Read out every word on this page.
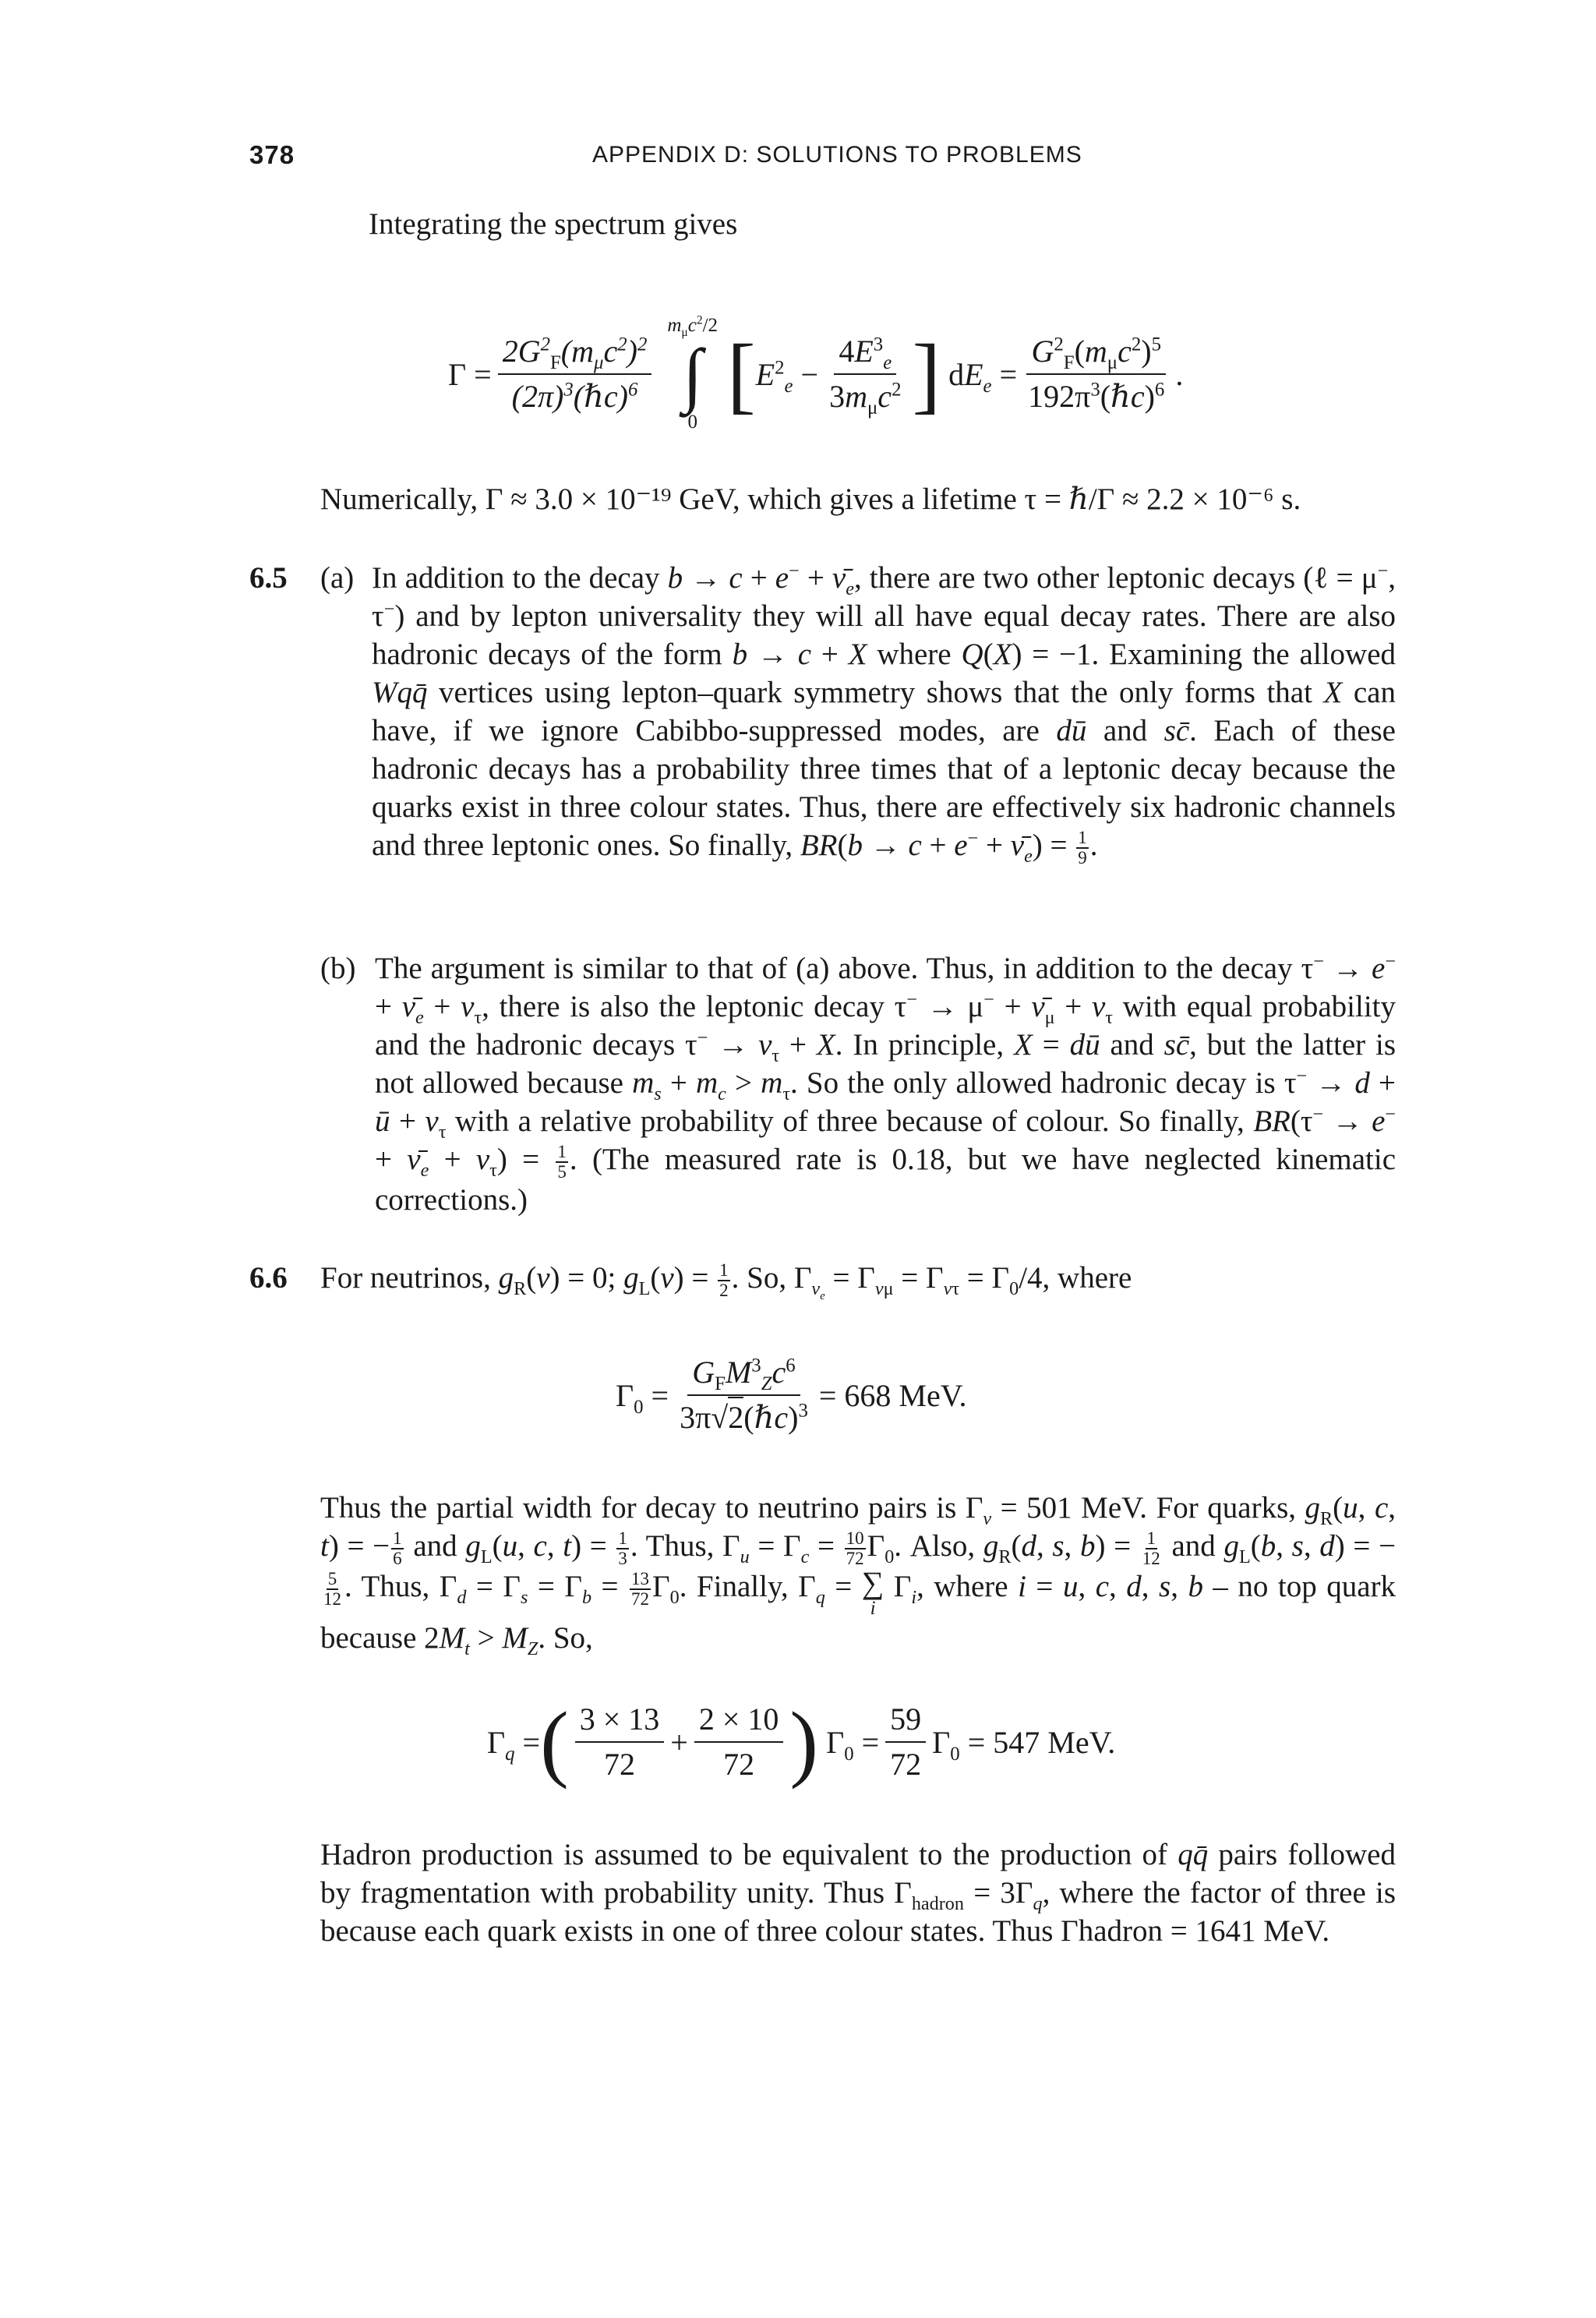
378	APPENDIX D: SOLUTIONS TO PROBLEMS
Integrating the spectrum gives
$\Gamma = \frac{2G^2_F(m_\mu c^2)^2}{(2\pi)^3(\hbar c)^6}$
$m_\mu c^2/2$
∫
0
[ $E^2_e - \frac{4E^3_e}{3m_\mu c^2}$ ] $dE_e = \frac{G^2_F(m_\mu c^2)^5}{192\pi^3(\hbar c)^6}$ .
Numerically, Γ ≈ 3.0 × 10⁻¹⁹ GeV, which gives a lifetime τ = ℏ/Γ ≈ 2.2 × 10⁻⁶ s.
6.5 (a) In addition to the decay $b \to c + e^- + \nū_e$, there are two other leptonic decays (ℓ = μ−, τ−) and by lepton universality they will all have equal decay rates. There are also hadronic decays of the form b → c + X where Q(X) = −1. Examining the allowed Wqq̄ vertices using lepton–quark symmetry shows that the only forms that X can have, if we ignore Cabibbo-suppressed modes, are dū and sc̄. Each of these hadronic decays has a probability three times that of a leptonic decay because the quarks exist in three colour states. Thus, there are effectively six hadronic channels and three leptonic ones. So finally, $BR(b \to c + e^- + \nū_e) = \frac{1}{9}$ .
(b) The argument is similar to that of (a) above. Thus, in addition to the decay $\tau^- \to e^- + \nū_e + \nu_\tau$, there is also the leptonic decay $\tau^- \to \mu^- + \nū_\mu + \nu_\tau$ with equal probability and the hadronic decays $\tau^- \to \nu_\tau + X$. In principle, X = dū and sc̄, but the latter is not allowed because $m_s + m_c > m_\tau$. So the only allowed hadronic decay is τ− → d + ū + $\nu_\tau$ with a relative probability of three because of colour. So finally, $BR(\tau^- \to e^- + \nū_e + \nu_\tau) = \frac{1}{5}$ . (The measured rate is 0.18, but we have neglected kinematic corrections.)
6.6 For neutrinos, $g_R(\nu) = 0$; $g_L(\nu) = \frac{1}{2}$ . So, $\Gamma_{\nu_e} = \Gamma_{\nu\mu} = \Gamma_{\nu\tau} = \Gamma_0/4$, where
$\Gamma_0 = \frac{G_FM^3_Zc^6}{3\pi√2(\hbar c)^3} = 668$ MeV.
Thus the partial width for decay to neutrino pairs is $\Gamma_\nu = 501$ MeV. For quarks, $g_R(u$, c, t) = − $\frac{1}{6}$ and $g_L(u$, c, $t) = \frac{1}{3}$ . Thus, $\Gamma_u = \Gamma_c = \frac{10}{72} \Gamma_0$. Also, $g_R(d$, s, $b) = \frac{1}{12}$ and $g_L(b$, s, d) = −
$\frac{5}{12}$ . Thus, $\Gamma_d = \Gamma_s = \Gamma_b = \frac{13}{72} \Gamma_0$. Finally, $\Gamma_q$ = ∑
i
$\Gamma_i$, where i = u, c, d, s, b – no top quark because $2M_t > M_Z$. So,
$\Gamma_q$ = ( $\frac{3 \times 13}{72} + \frac{2 \times 10}{72}$ ) $\Gamma_0 = \frac{59}{72} \Gamma_0 = 547$ MeV.
Hadron production is assumed to be equivalent to the production of qq̄ pairs followed by fragmentation with probability unity. Thus $\Gamma_{hadron} = 3\Gamma_q$, where the factor of three is because each quark exists in one of three colour states. Thus Γhadron = 1641 MeV.
